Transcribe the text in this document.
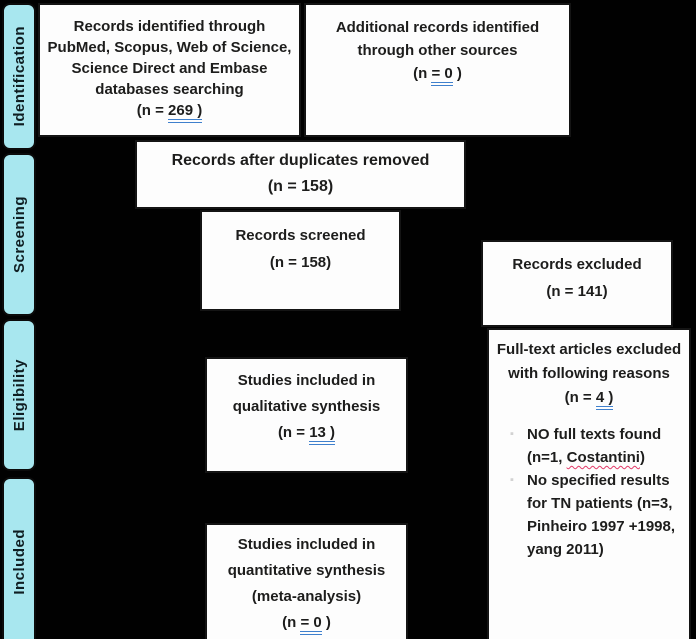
Identification
Screening
Eligibility
Included
Records identified through
PubMed, Scopus, Web of Science,
Science Direct and Embase
databases searching
(n = 269 )
Additional records identified
through other sources
(n = 0 )
Records after duplicates removed
(n = 158)
Records screened
(n = 158)	Records excluded
(n = 141)
Full-text articles excluded
with following reasons
(n = 4 )
▪ NO full texts found (n=1, Costantini)
▪ No specified results for TN patients (n=3, Pinheiro 1997 +1998, yang 2011)
Studies included in
qualitative synthesis
(n = 13 )
Studies included in
quantitative synthesis
(meta-analysis)
(n = 0 )
